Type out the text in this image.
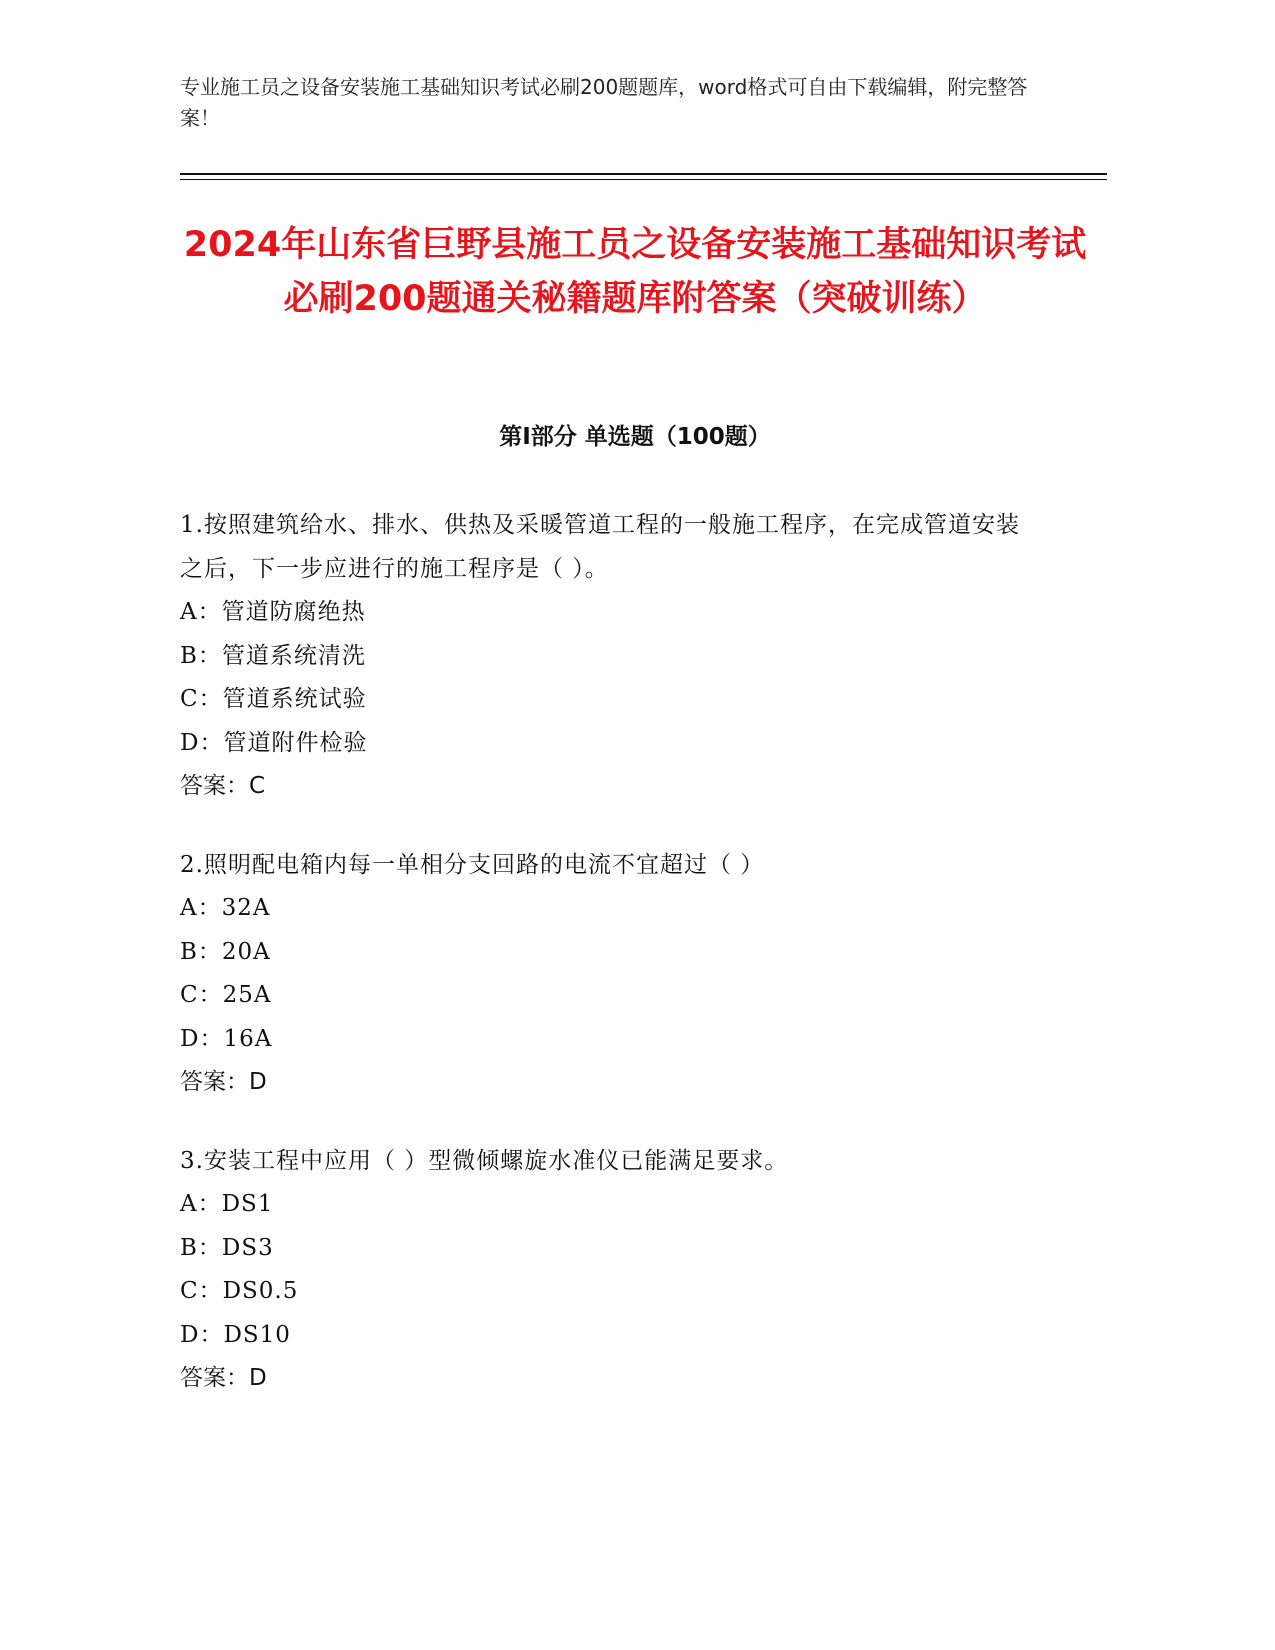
专业施工员之设备安装施工基础知识考试必刷200题题库，word格式可自由下载编辑，附完整答案！
2024年山东省巨野县施工员之设备安装施工基础知识考试必刷200题通关秘籍题库附答案（突破训练）
第Ⅰ部分 单选题（100题）
1.按照建筑给水、排水、供热及采暖管道工程的一般施工程序，在完成管道安装之后，下一步应进行的施工程序是（ ）。
A：管道防腐绝热
B：管道系统清洗
C：管道系统试验
D：管道附件检验
答案：C
2.照明配电箱内每一单相分支回路的电流不宜超过（ ）
A：32A
B：20A
C：25A
D：16A
答案：D
3.安装工程中应用（ ）型微倾螺旋水准仪已能满足要求。
A：DS1
B：DS3
C：DS0.5
D：DS10
答案：D
